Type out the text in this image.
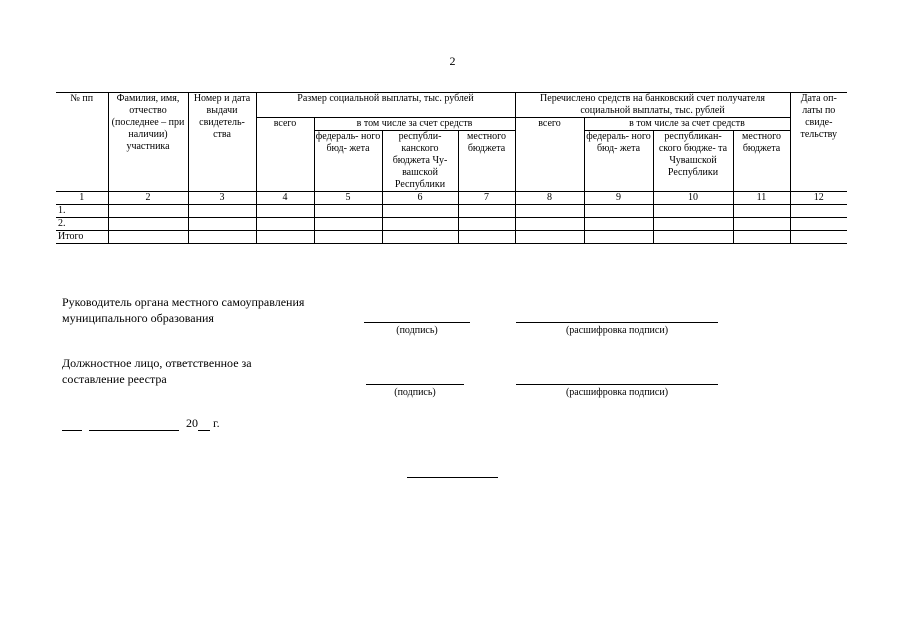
2
№ пп	Фамилия, имя, отчество (последнее – при наличии) участника	Номер и дата выдачи свидетель- ства	Размер социальной выплаты, тыс. рублей				Перечислено средств на банковский счет получателя социальной выплаты, тыс. рублей				Дата оп- латы по свиде- тельству
			всего	в том числе за счет средств			всего	в том числе за счет средств			
				федераль- ного бюд- жета	республи- канского бюджета Чу- вашской Республики	местного бюджета		федераль- ного бюд- жета	республикан- ского бюдже- та Чувашской Республики	местного бюджета	

1	2	3	4	5	6	7	8	9	10	11	12
1.											
2.											
Итого											
Руководитель органа местного самоуправления муниципального образования
(подпись)	(расшифровка подписи)
Должностное лицо, ответственное за составление реестра
(подпись)	(расшифровка подписи)
20 г.
